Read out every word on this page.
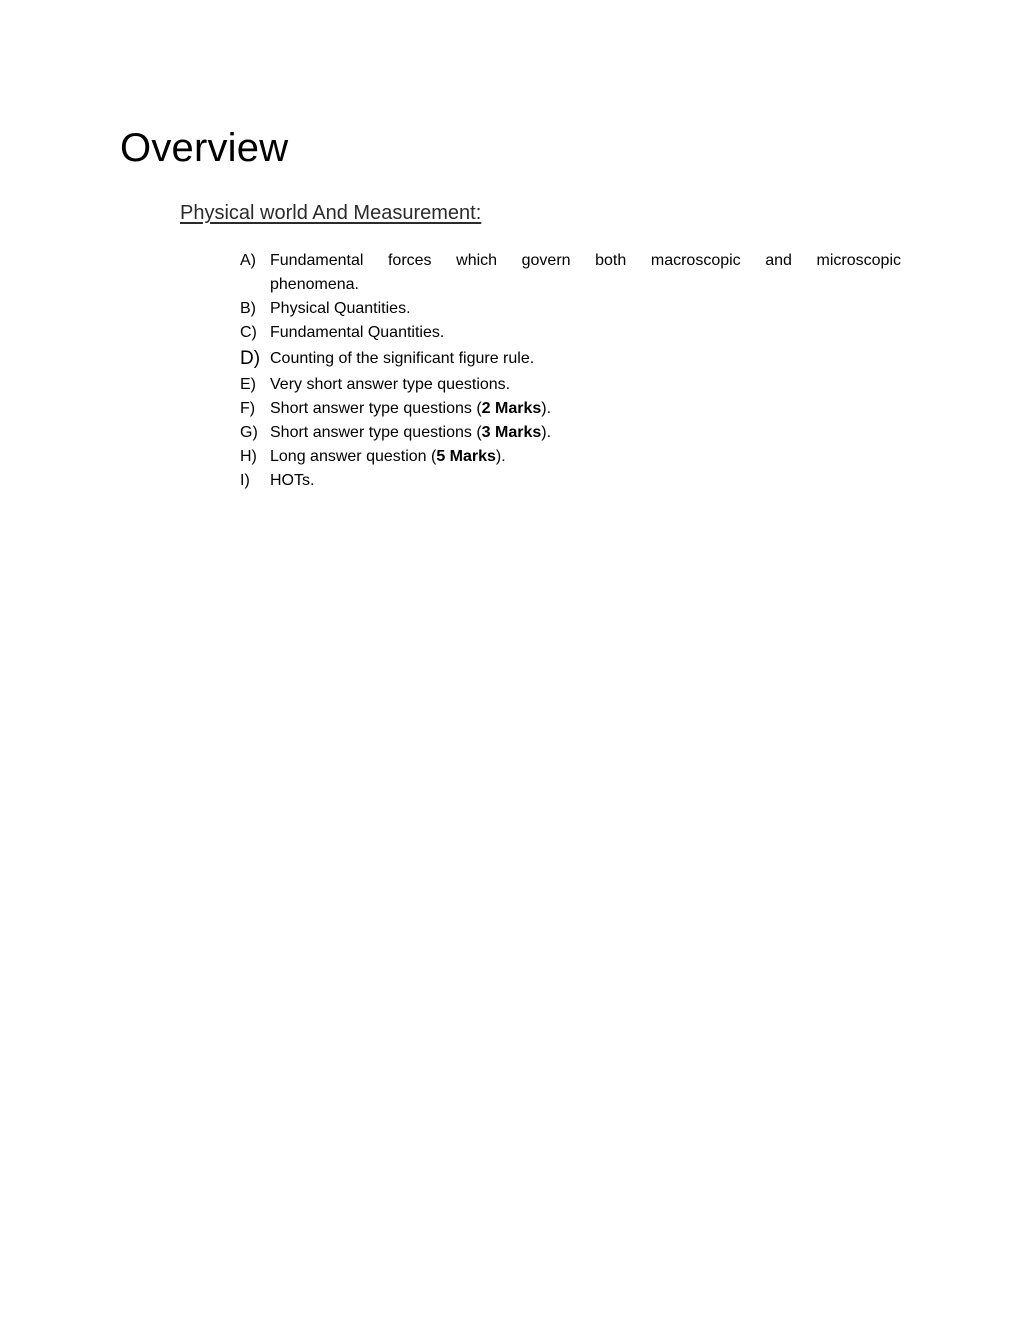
Overview
Physical world And Measurement:
A) Fundamental forces which govern both macroscopic and microscopic
phenomena.
B) Physical Quantities.
C) Fundamental Quantities.
D) Counting of the significant figure rule.
E) Very short answer type questions.
F) Short answer type questions (2 Marks).
G) Short answer type questions (3 Marks).
H) Long answer question (5 Marks).
I) HOTs.
